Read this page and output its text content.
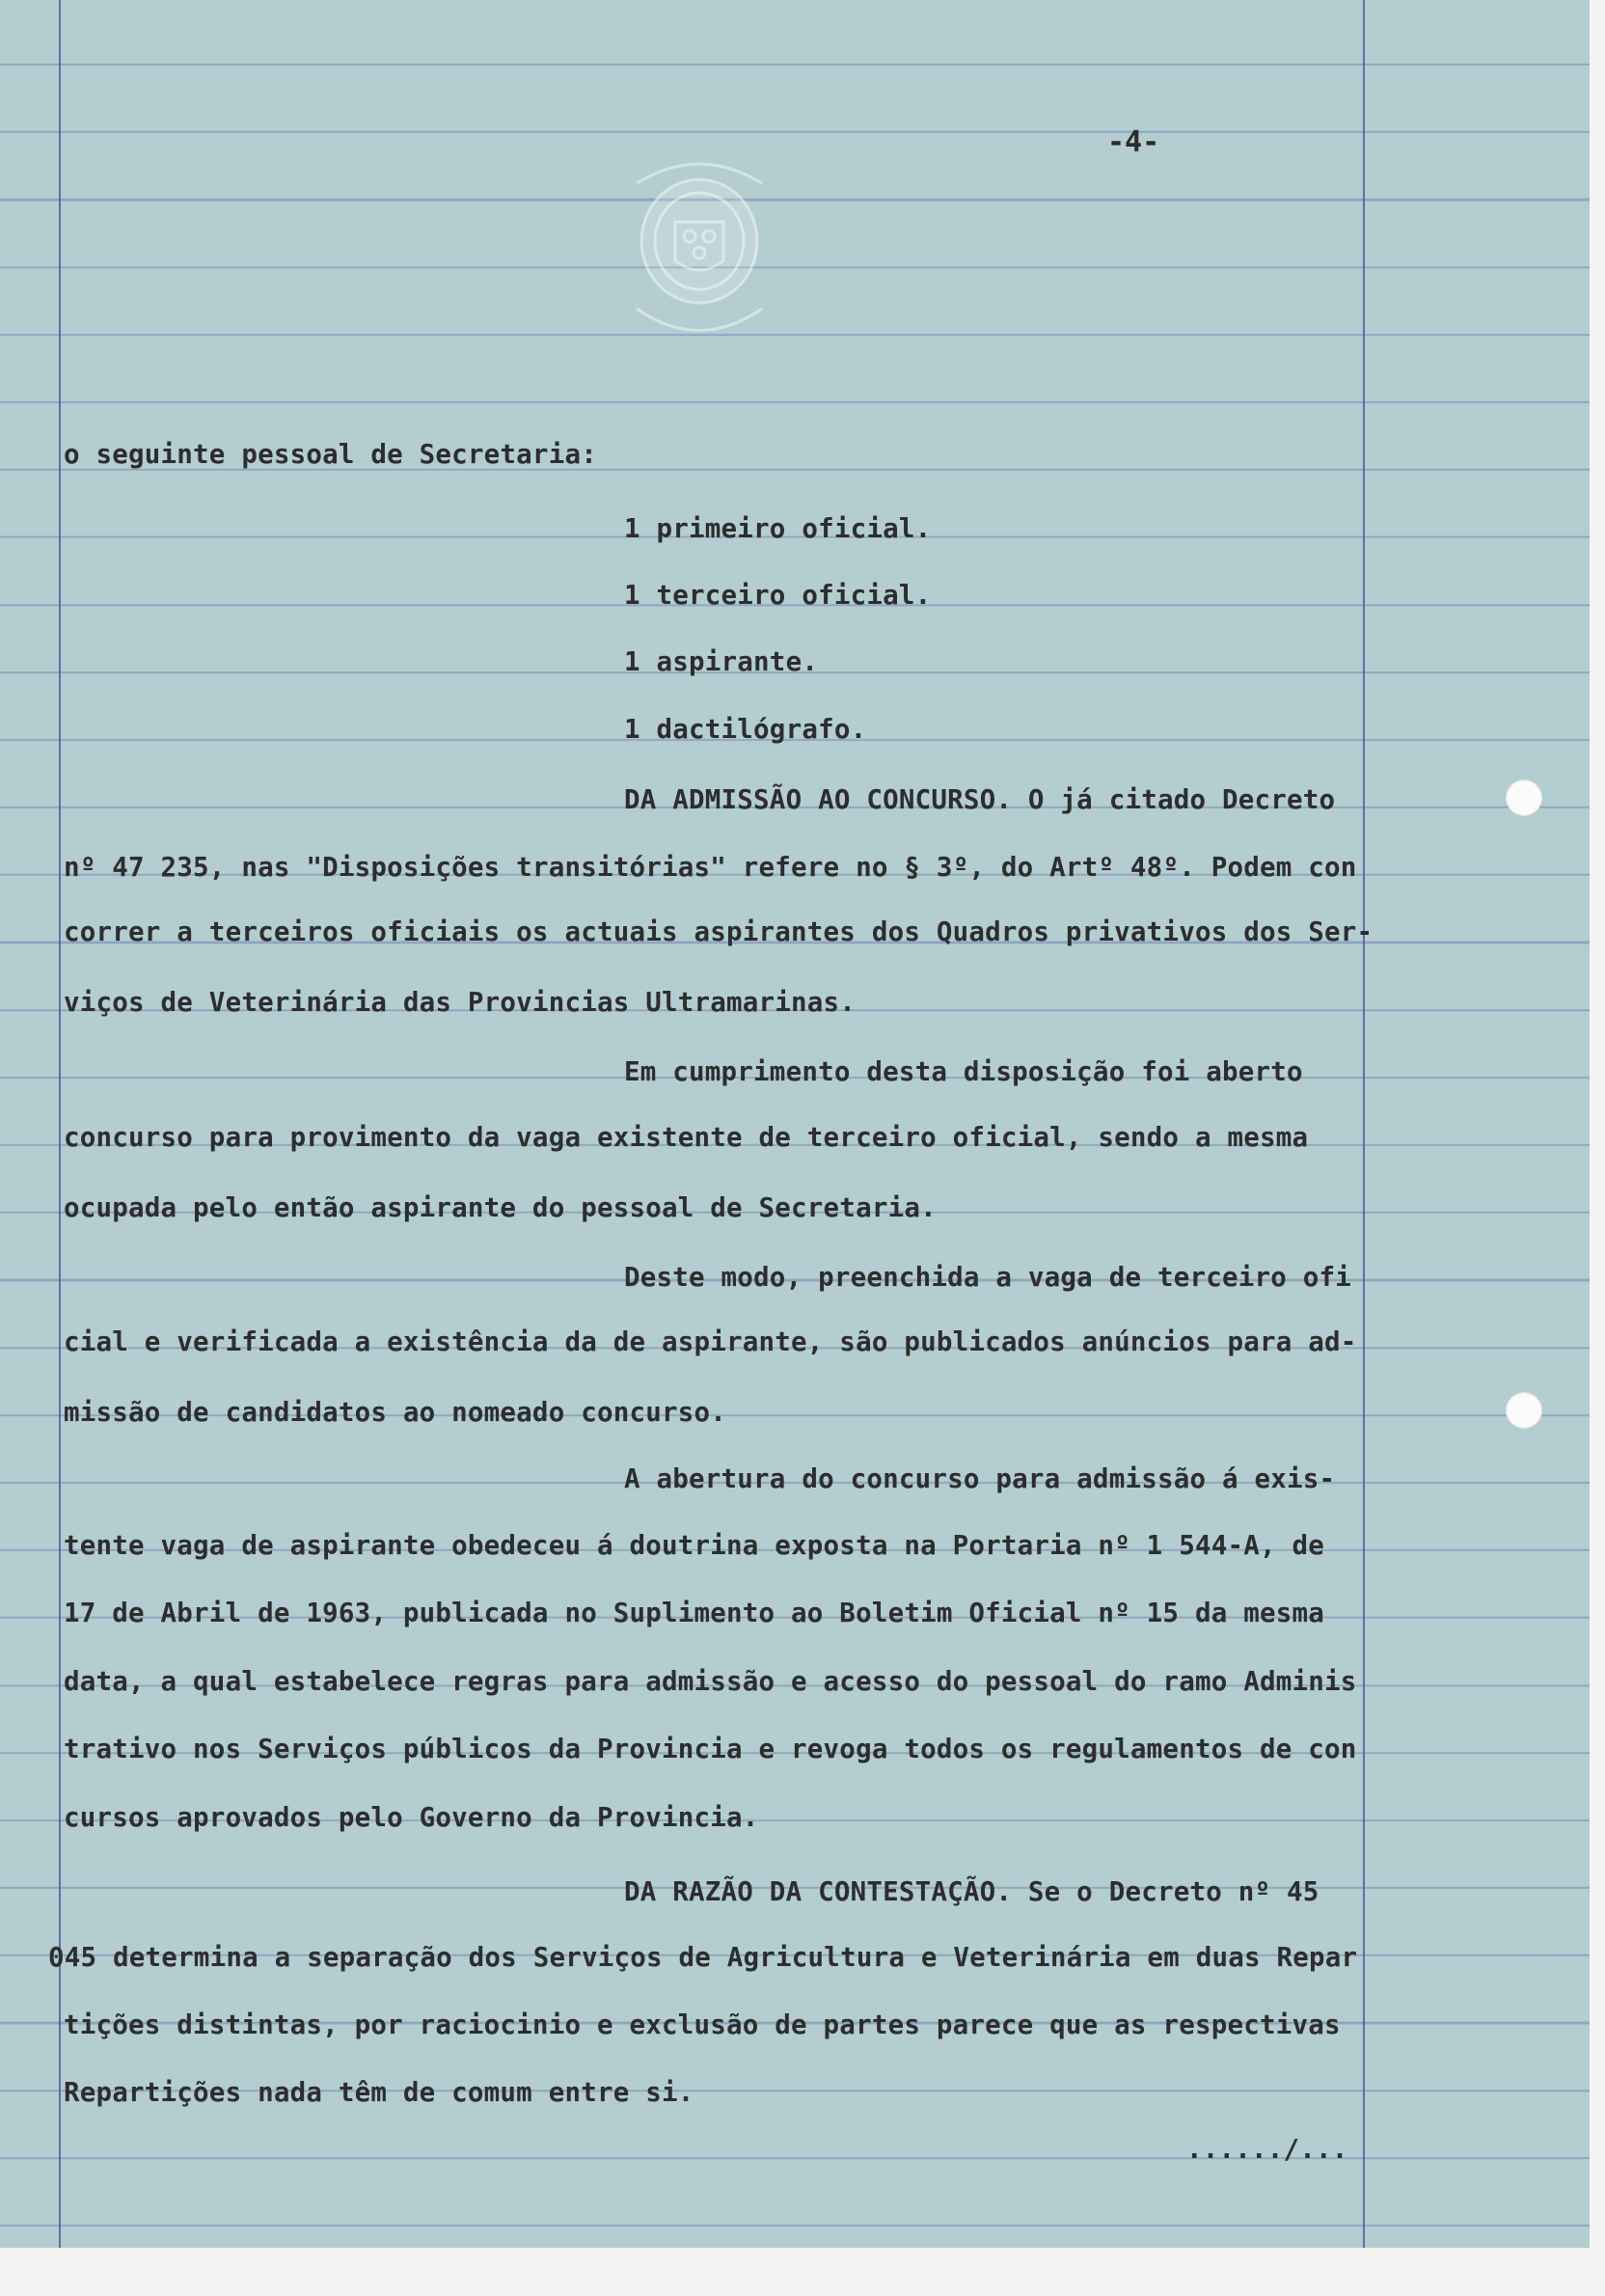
-4-
o seguinte pessoal de Secretaria:
1 primeiro oficial.
1 terceiro oficial.
1 aspirante.
1 dactilógrafo.
DA ADMISSÃO AO CONCURSO. O já citado Decreto
nº 47 235, nas "Disposições transitórias" refere no § 3º, do Artº 48º. Podem con
correr a terceiros oficiais os actuais aspirantes dos Quadros privativos dos Ser-
viços de Veterinária das Provincias Ultramarinas.
Em cumprimento desta disposição foi aberto
concurso para provimento da vaga existente de terceiro oficial, sendo a mesma
ocupada pelo então aspirante do pessoal de Secretaria.
Deste modo, preenchida a vaga de terceiro ofi
cial e verificada a existência da de aspirante, são publicados anúncios para ad-
missão de candidatos ao nomeado concurso.
A abertura do concurso para admissão á exis-
tente vaga de aspirante obedeceu á doutrina exposta na Portaria nº 1 544-A, de
17 de Abril de 1963, publicada no Suplimento ao Boletim Oficial nº 15 da mesma
data, a qual estabelece regras para admissão e acesso do pessoal do ramo Adminis
trativo nos Serviços públicos da Provincia e revoga todos os regulamentos de con
cursos aprovados pelo Governo da Provincia.
DA RAZÃO DA CONTESTAÇÃO. Se o Decreto nº 45
045 determina a separação dos Serviços de Agricultura e Veterinária em duas Repar
tições distintas, por raciocinio e exclusão de partes parece que as respectivas
Repartições nada têm de comum entre si.
....../...
